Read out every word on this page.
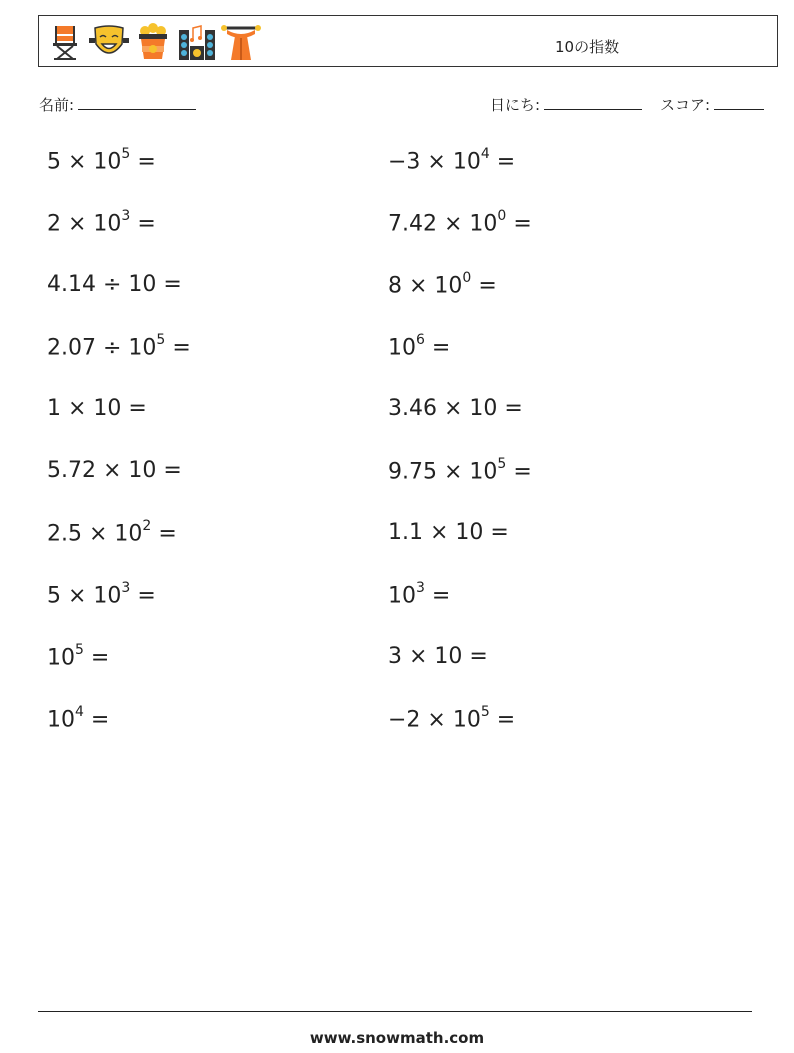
10の指数
名前:	日にち:	スコア:
$5 \times 10^5$ =
$2 \times 10^3$ =
4.14 ÷ 10 =
$2.07 \div 10^5$ =
1 × 10 =
5.72 × 10 =
$2.5 \times 10^2$ =
$5 \times 10^3$ =
$10^5$ =
$10^4$ =
$-3 \times 10^4$ =
$7.42 \times 10^0$ =
$8 \times 10^0$ =
$10^6$ =
3.46 × 10 =
$9.75 \times 10^5$ =
1.1 × 10 =
$10^3$ =
3 × 10 =
$-2 \times 10^5$ =
www.snowmath.com
